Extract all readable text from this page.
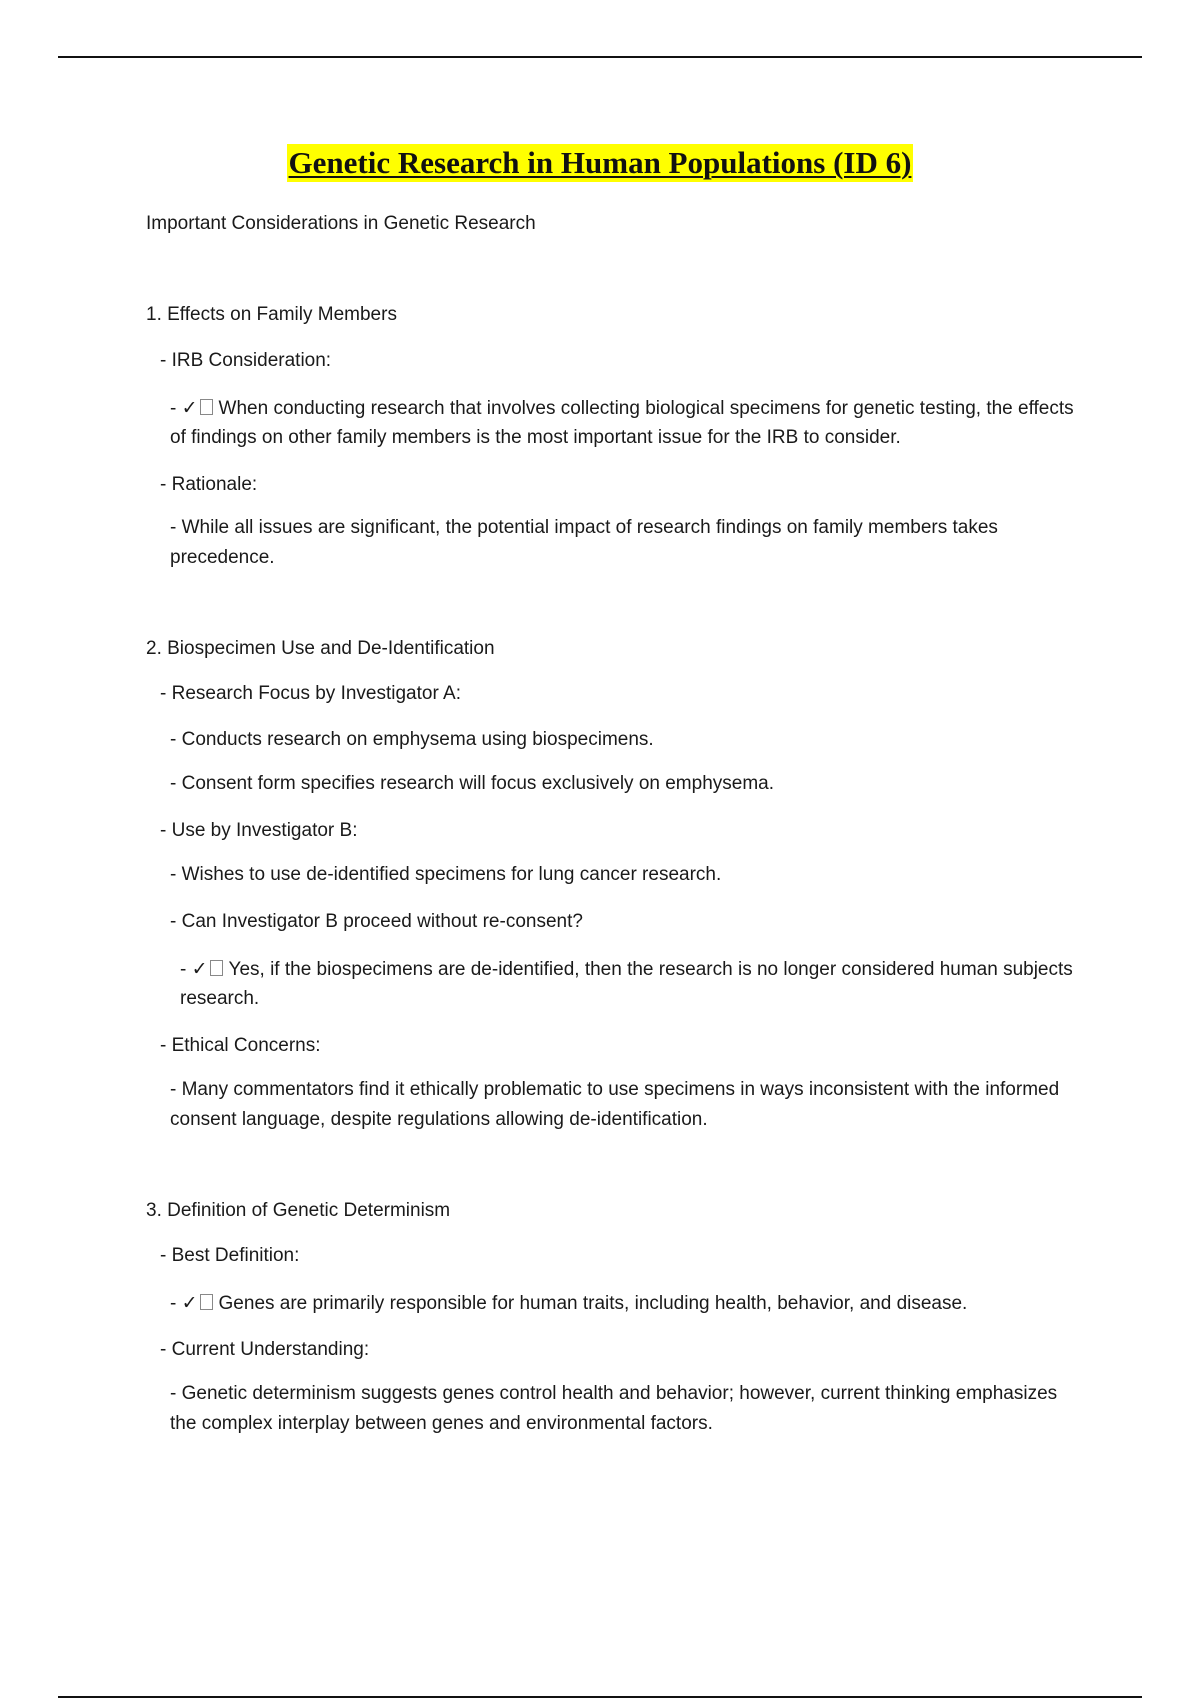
Genetic Research in Human Populations (ID 6)
Important Considerations in Genetic Research
1. Effects on Family Members
- IRB Consideration:
- ✓ When conducting research that involves collecting biological specimens for genetic testing, the effects of findings on other family members is the most important issue for the IRB to consider.
- Rationale:
- While all issues are significant, the potential impact of research findings on family members takes precedence.
2. Biospecimen Use and De-Identification
- Research Focus by Investigator A:
- Conducts research on emphysema using biospecimens.
- Consent form specifies research will focus exclusively on emphysema.
- Use by Investigator B:
- Wishes to use de-identified specimens for lung cancer research.
- Can Investigator B proceed without re-consent?
- ✓ Yes, if the biospecimens are de-identified, then the research is no longer considered human subjects research.
- Ethical Concerns:
- Many commentators find it ethically problematic to use specimens in ways inconsistent with the informed consent language, despite regulations allowing de-identification.
3. Definition of Genetic Determinism
- Best Definition:
- ✓ Genes are primarily responsible for human traits, including health, behavior, and disease.
- Current Understanding:
- Genetic determinism suggests genes control health and behavior; however, current thinking emphasizes the complex interplay between genes and environmental factors.
